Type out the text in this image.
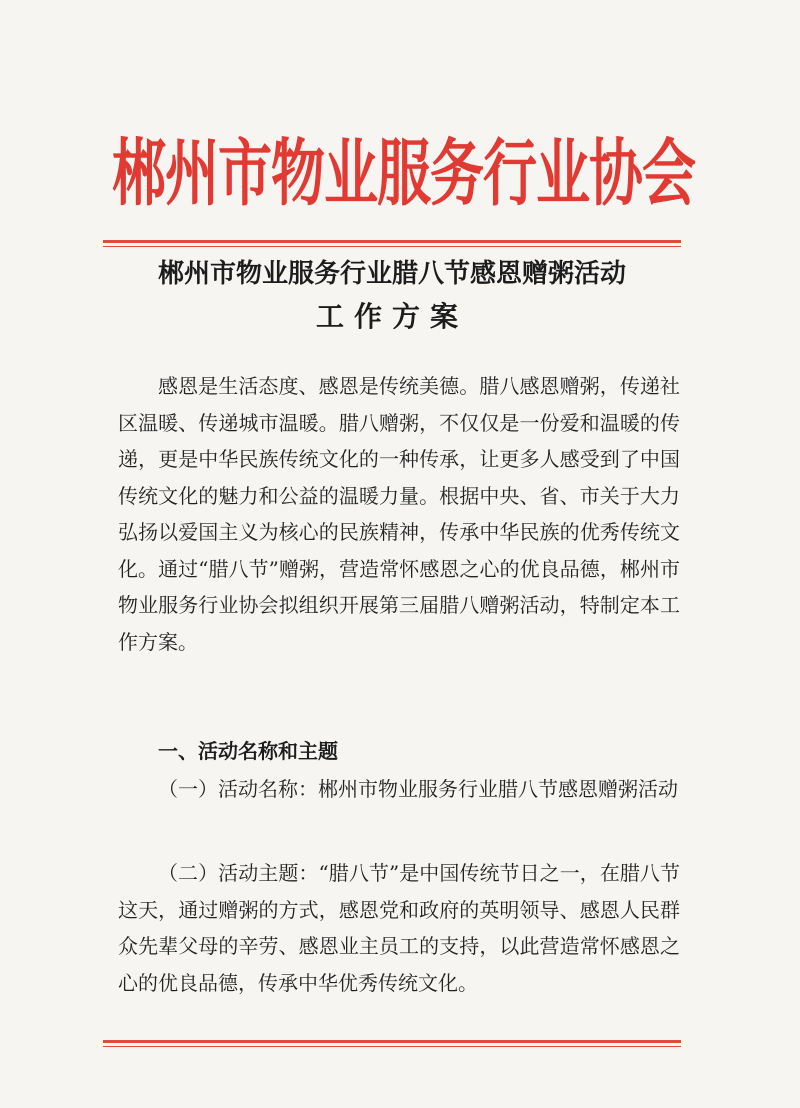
郴州市物业服务行业协会
郴州市物业服务行业腊八节感恩赠粥活动
工作方案

感恩是生活态度、感恩是传统美德。腊八感恩赠粥，传递社区温暖、传递城市温暖。腊八赠粥，不仅仅是一份爱和温暖的传递，更是中华民族传统文化的一种传承，让更多人感受到了中国传统文化的魅力和公益的温暖力量。根据中央、省、市关于大力弘扬以爱国主义为核心的民族精神，传承中华民族的优秀传统文化。通过“腊八节”赠粥，营造常怀感恩之心的优良品德，郴州市物业服务行业协会拟组织开展第三届腊八赠粥活动，特制定本工作方案。

一、活动名称和主题

（一）活动名称：郴州市物业服务行业腊八节感恩赠粥活动

（二）活动主题：“腊八节”是中国传统节日之一，在腊八节这天，通过赠粥的方式，感恩党和政府的英明领导、感恩人民群众先辈父母的辛劳、感恩业主员工的支持，以此营造常怀感恩之心的优良品德，传承中华优秀传统文化。
